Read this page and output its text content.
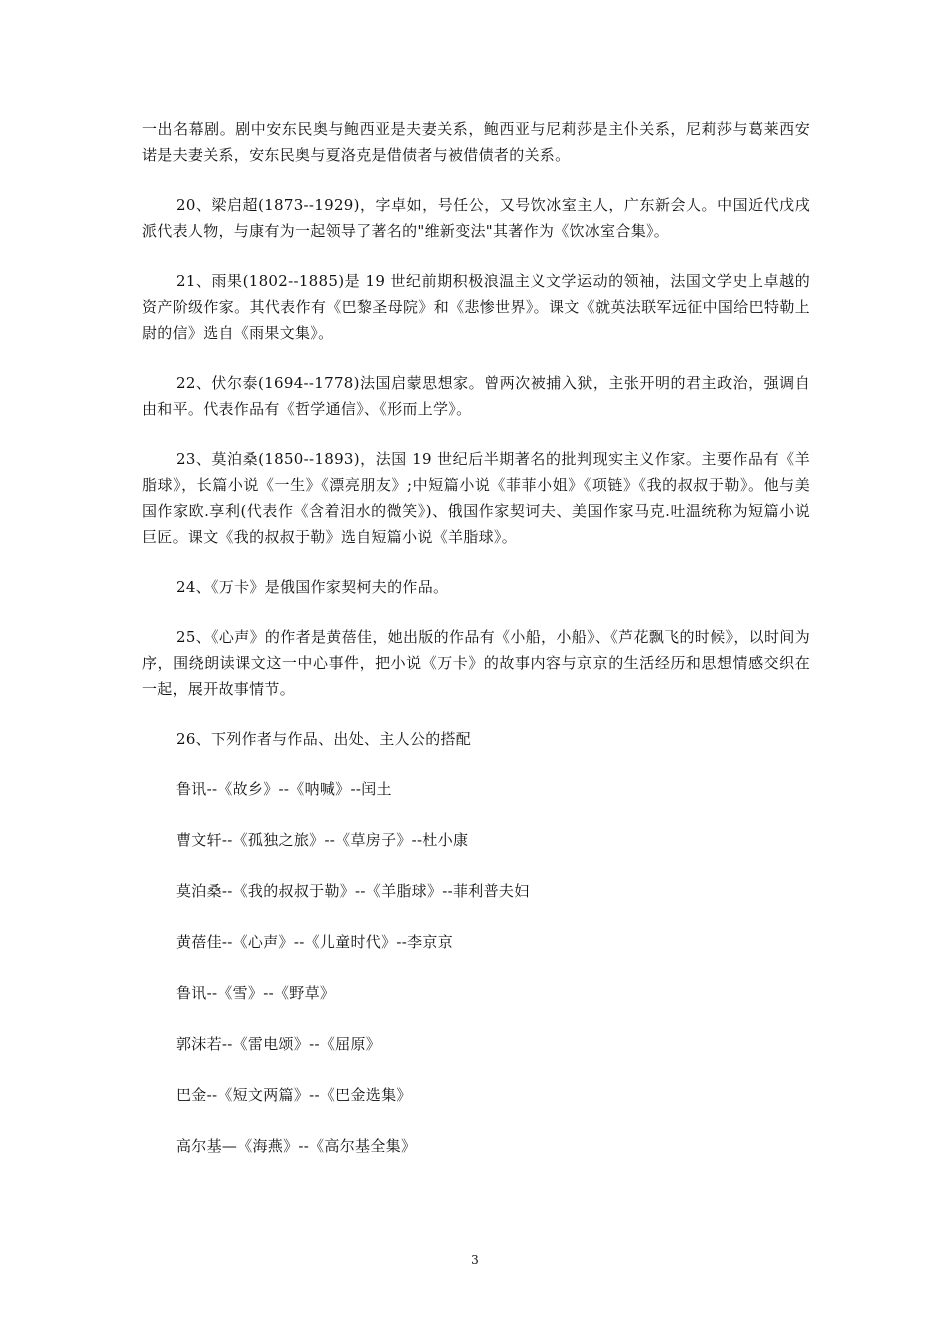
一出名幕剧。剧中安东民奥与鲍西亚是夫妻关系，鲍西亚与尼莉莎是主仆关系，尼莉莎与葛莱西安诺是夫妻关系，安东民奥与夏洛克是借债者与被借债者的关系。

20、梁启超(1873--1929)，字卓如，号任公，又号饮冰室主人，广东新会人。中国近代戊戌派代表人物，与康有为一起领导了著名的"维新变法"其著作为《饮冰室合集》。

21、雨果(1802--1885)是 19 世纪前期积极浪温主义文学运动的领袖，法国文学史上卓越的资产阶级作家。其代表作有《巴黎圣母院》和《悲惨世界》。课文《就英法联军远征中国给巴特勒上尉的信》选自《雨果文集》。

22、伏尔泰(1694--1778)法国启蒙思想家。曾两次被捕入狱，主张开明的君主政治，强调自由和平。代表作品有《哲学通信》、《形而上学》。

23、莫泊桑(1850--1893)，法国 19 世纪后半期著名的批判现实主义作家。主要作品有《羊脂球》，长篇小说《一生》《漂亮朋友》;中短篇小说《菲菲小姐》《项链》《我的叔叔于勒》。他与美国作家欧.享利(代表作《含着泪水的微笑》)、俄国作家契诃夫、美国作家马克.吐温统称为短篇小说巨匠。课文《我的叔叔于勒》选自短篇小说《羊脂球》。

24、《万卡》是俄国作家契柯夫的作品。

25、《心声》的作者是黄蓓佳，她出版的作品有《小船，小船》、《芦花飘飞的时候》，以时间为序，围绕朗读课文这一中心事件，把小说《万卡》的故事内容与京京的生活经历和思想情感交织在一起，展开故事情节。

26、下列作者与作品、出处、主人公的搭配

鲁讯--《故乡》--《呐喊》--闰土

曹文轩--《孤独之旅》--《草房子》--杜小康

莫泊桑--《我的叔叔于勒》--《羊脂球》--菲利普夫妇

黄蓓佳--《心声》--《儿童时代》--李京京

鲁讯--《雪》--《野草》

郭沫若--《雷电颂》--《屈原》

巴金--《短文两篇》--《巴金选集》

高尔基—《海燕》--《高尔基全集》

3
